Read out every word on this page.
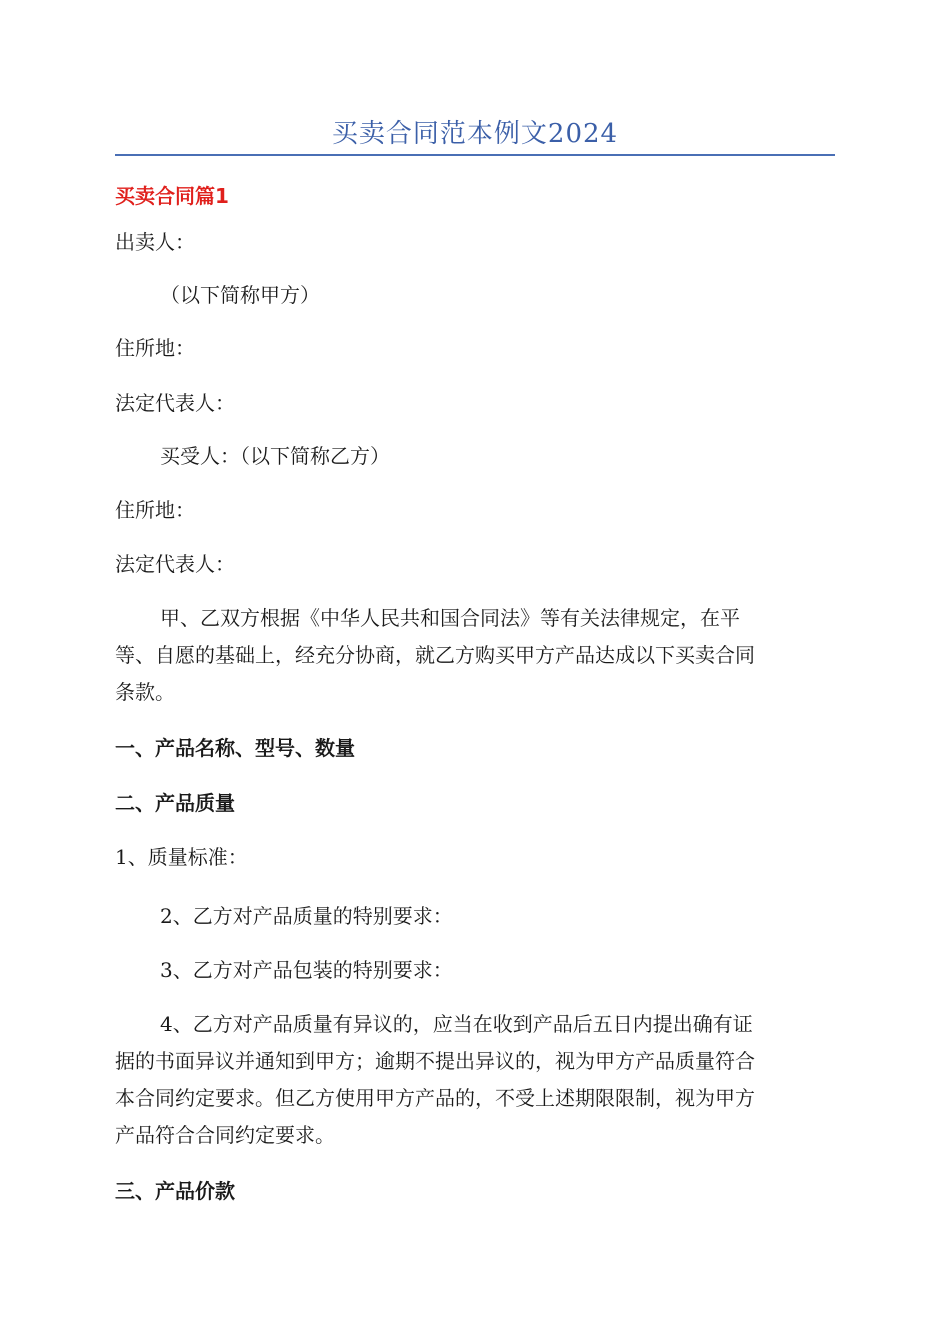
买卖合同范本例文2024
买卖合同篇1
出卖人：
（以下简称甲方）
住所地：
法定代表人：
买受人：（以下简称乙方）
住所地：
法定代表人：
甲、乙双方根据《中华人民共和国合同法》等有关法律规定，在平
等、自愿的基础上，经充分协商，就乙方购买甲方产品达成以下买卖合同
条款。
一、产品名称、型号、数量
二、产品质量
1、质量标准：
2、乙方对产品质量的特别要求：
3、乙方对产品包装的特别要求：
4、乙方对产品质量有异议的，应当在收到产品后五日内提出确有证
据的书面异议并通知到甲方；逾期不提出异议的，视为甲方产品质量符合
本合同约定要求。但乙方使用甲方产品的，不受上述期限限制，视为甲方
产品符合合同约定要求。
三、产品价款
